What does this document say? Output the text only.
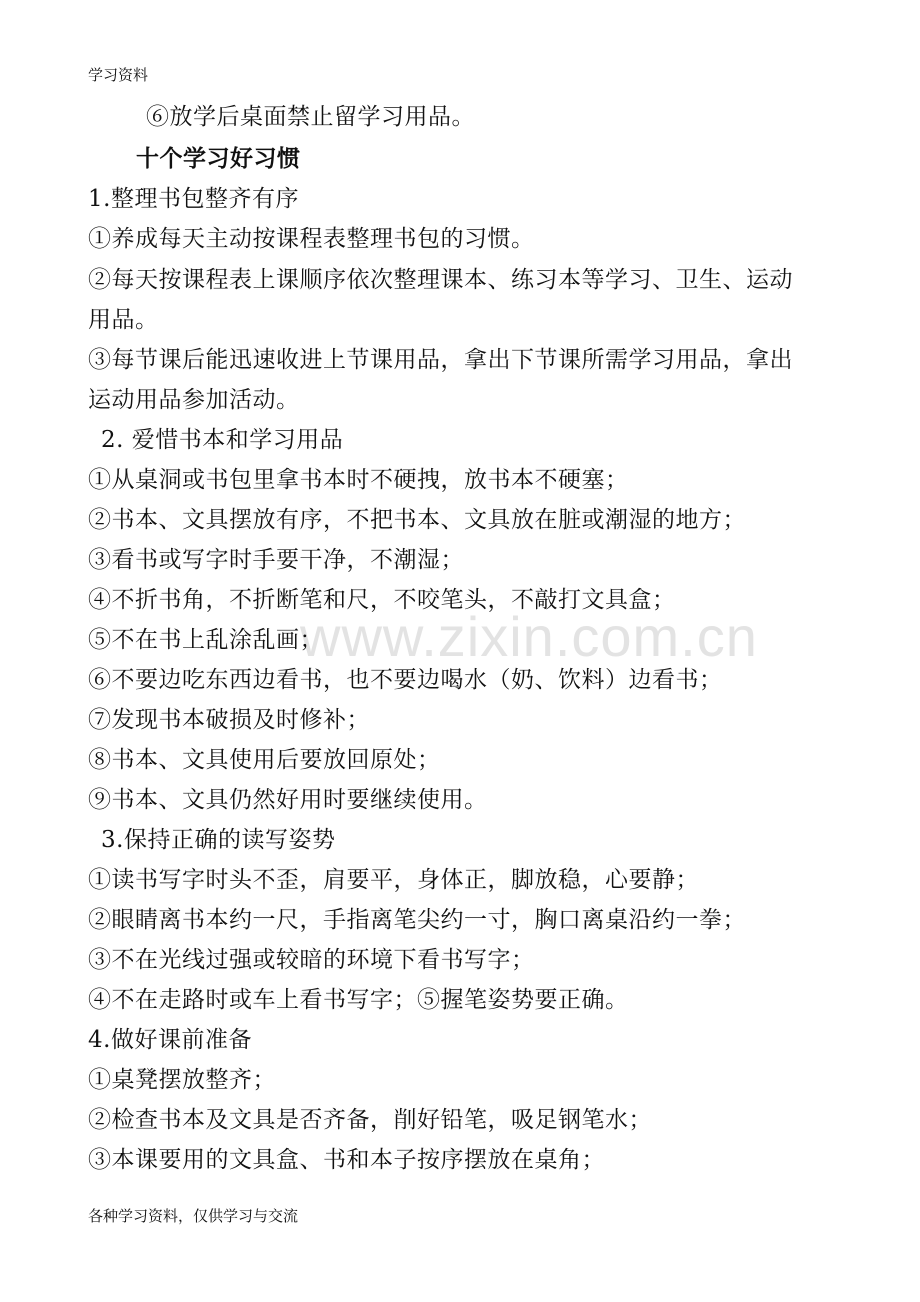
学习资料
www.zixin.com.cn
⑥放学后桌面禁止留学习用品。
十个学习好习惯
1.整理书包整齐有序
①养成每天主动按课程表整理书包的习惯。
②每天按课程表上课顺序依次整理课本、练习本等学习、卫生、运动
用品。
③每节课后能迅速收进上节课用品，拿出下节课所需学习用品，拿出
运动用品参加活动。
2. 爱惜书本和学习用品
①从桌洞或书包里拿书本时不硬拽，放书本不硬塞；
②书本、文具摆放有序，不把书本、文具放在脏或潮湿的地方；
③看书或写字时手要干净，不潮湿；
④不折书角，不折断笔和尺，不咬笔头，不敲打文具盒；
⑤不在书上乱涂乱画；
⑥不要边吃东西边看书，也不要边喝水（奶、饮料）边看书；
⑦发现书本破损及时修补；
⑧书本、文具使用后要放回原处；
⑨书本、文具仍然好用时要继续使用。
3.保持正确的读写姿势
①读书写字时头不歪，肩要平，身体正，脚放稳，心要静；
②眼睛离书本约一尺，手指离笔尖约一寸，胸口离桌沿约一拳；
③不在光线过强或较暗的环境下看书写字；
④不在走路时或车上看书写字；⑤握笔姿势要正确。
4.做好课前准备
①桌凳摆放整齐；
②检查书本及文具是否齐备，削好铅笔，吸足钢笔水；
③本课要用的文具盒、书和本子按序摆放在桌角；
各种学习资料，仅供学习与交流
